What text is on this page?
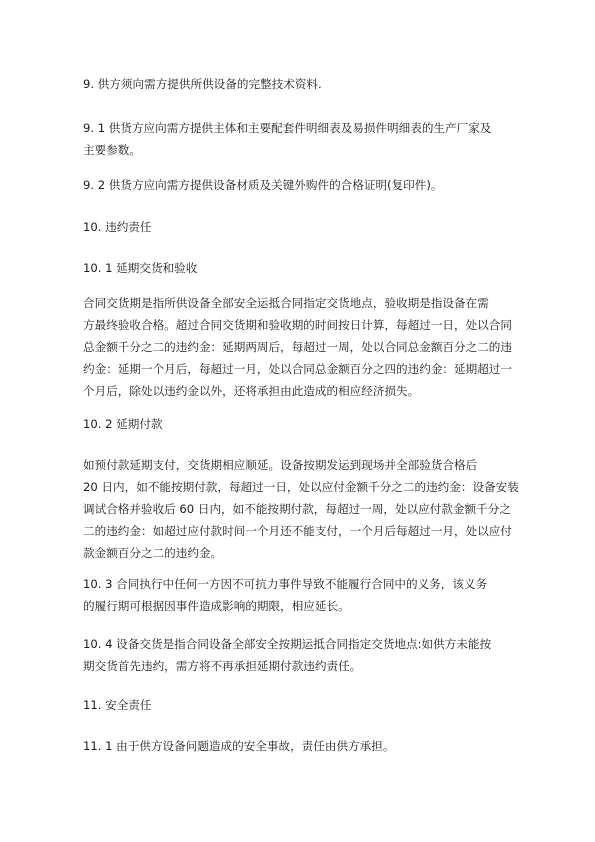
9. 供方须向需方提供所供设备的完整技术资料.
9. 1 供货方应向需方提供主体和主要配套件明细表及易损件明细表的生产厂家及
主要参数。
9. 2 供货方应向需方提供设备材质及关键外购件的合格证明(复印件)。
10. 违约责任
10. 1 延期交货和验收
合同交货期是指所供设备全部安全运抵合同指定交货地点，验收期是指设备在需
方最终验收合格。超过合同交货期和验收期的时间按日计算，每超过一日，处以合同
总金额千分之二的违约金：延期两周后，每超过一周，处以合同总金额百分之二的违
约金：延期一个月后，每超过一月，处以合同总金额百分之四的违约金：延期超过一
个月后，除处以违约金以外，还将承担由此造成的相应经济损失。
10. 2 延期付款
如预付款延期支付，交货期相应顺延。设备按期发运到现场并全部验货合格后
20 日内，如不能按期付款，每超过一日，处以应付金额千分之二的违约金：设备安装
调试合格并验收后 60 日内，如不能按期付款，每超过一周，处以应付款金额千分之
二的违约金：如超过应付款时间一个月还不能支付，一个月后每超过一月，处以应付
款金额百分之二的违约金。
10. 3 合同执行中任何一方因不可抗力事件导致不能履行合同中的义务，该义务
的履行期可根据因事件造成影响的期限，相应延长。
10. 4 设备交货是指合同设备全部安全按期运抵合同指定交货地点:如供方未能按
期交货首先违约，需方将不再承担延期付款违约责任。
11. 安全责任
11. 1 由于供方设备问题造成的安全事故，责任由供方承担。
